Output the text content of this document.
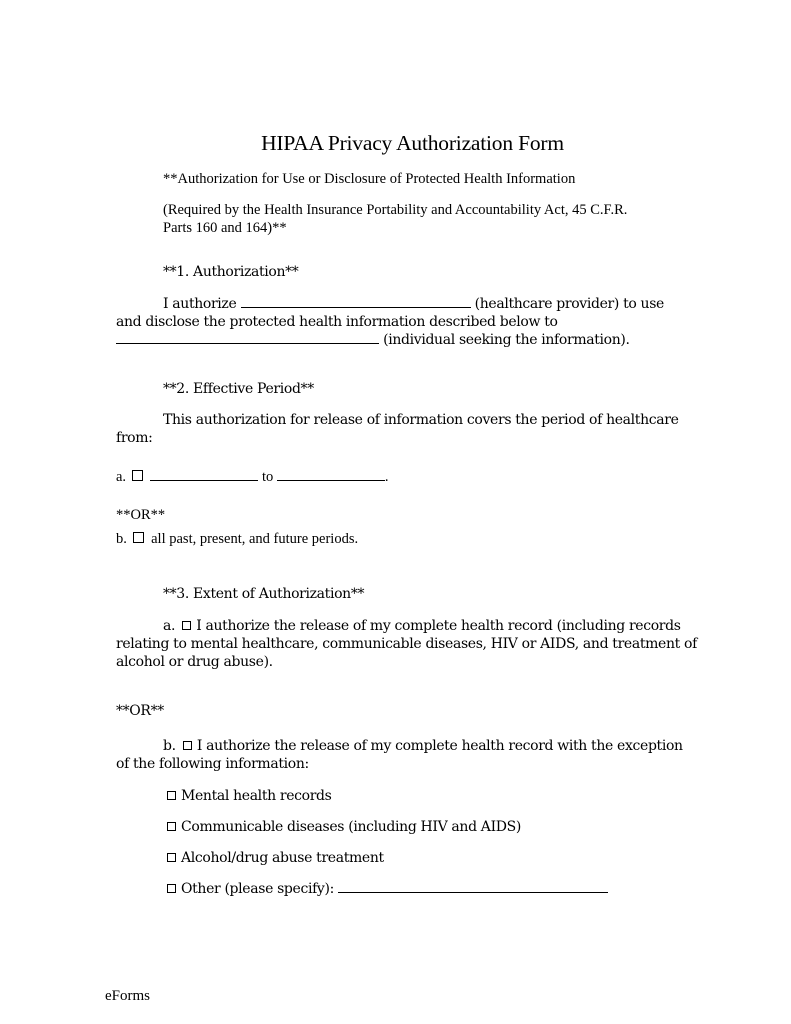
HIPAA Privacy Authorization Form
**Authorization for Use or Disclosure of Protected Health Information
(Required by the Health Insurance Portability and Accountability Act, 45 C.F.R.
Parts 160 and 164)**
**1. Authorization**
I authorize	(healthcare provider) to use
and disclose the protected health information described below to
(individual seeking the information).
**2. Effective Period**
This authorization for release of information covers the period of healthcare
from:
a.	to	.
**OR**
b. all past, present, and future periods.
**3. Extent of Authorization**
a. I authorize the release of my complete health record (including records
relating to mental healthcare, communicable diseases, HIV or AIDS, and treatment of
alcohol or drug abuse).
**OR**
b. I authorize the release of my complete health record with the exception
of the following information:
Mental health records
Communicable diseases (including HIV and AIDS)
Alcohol/drug abuse treatment
Other (please specify):
eForms
